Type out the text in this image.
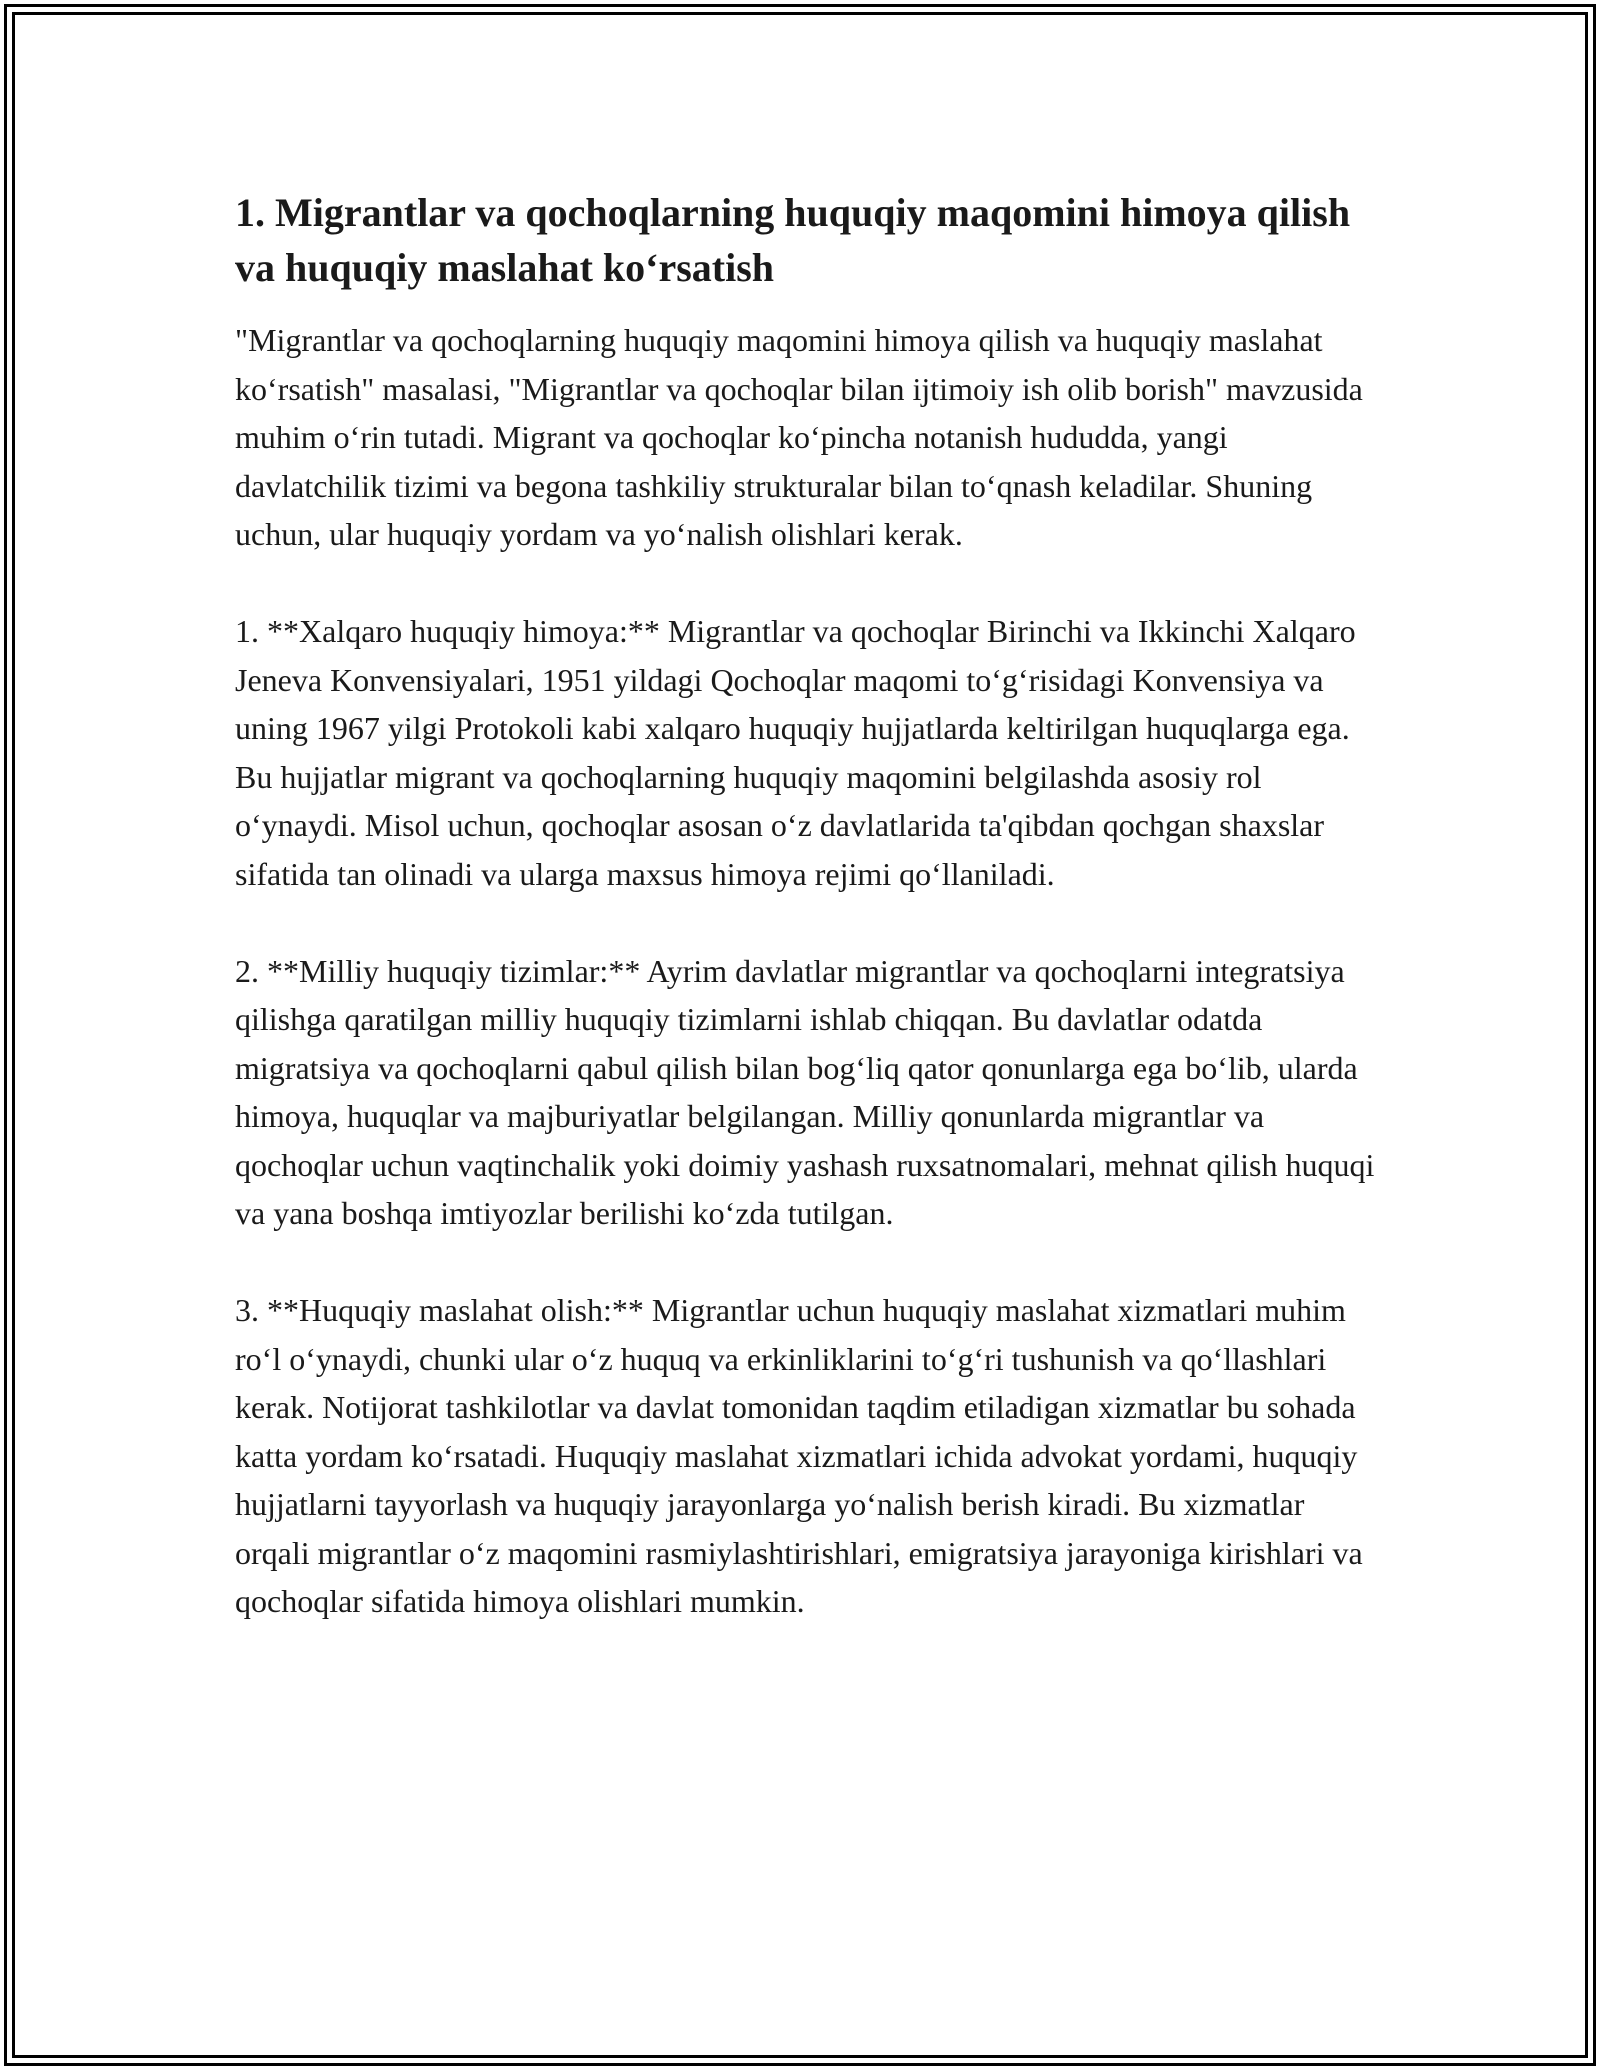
1. Migrantlar va qochoqlarning huquqiy maqomini himoya qilish va huquqiy maslahat ko‘rsatish

"Migrantlar va qochoqlarning huquqiy maqomini himoya qilish va huquqiy maslahat ko‘rsatish" masalasi, "Migrantlar va qochoqlar bilan ijtimoiy ish olib borish" mavzusida muhim o‘rin tutadi. Migrant va qochoqlar ko‘pincha notanish hududda, yangi davlatchilik tizimi va begona tashkiliy strukturalar bilan to‘qnash keladilar. Shuning uchun, ular huquqiy yordam va yo‘nalish olishlari kerak.

1. **Xalqaro huquqiy himoya:** Migrantlar va qochoqlar Birinchi va Ikkinchi Xalqaro Jeneva Konvensiyalari, 1951 yildagi Qochoqlar maqomi to‘g‘risidagi Konvensiya va uning 1967 yilgi Protokoli kabi xalqaro huquqiy hujjatlarda keltirilgan huquqlarga ega. Bu hujjatlar migrant va qochoqlarning huquqiy maqomini belgilashda asosiy rol o‘ynaydi. Misol uchun, qochoqlar asosan o‘z davlatlarida ta'qibdan qochgan shaxslar sifatida tan olinadi va ularga maxsus himoya rejimi qo‘llaniladi.

2. **Milliy huquqiy tizimlar:** Ayrim davlatlar migrantlar va qochoqlarni integratsiya qilishga qaratilgan milliy huquqiy tizimlarni ishlab chiqqan. Bu davlatlar odatda migratsiya va qochoqlarni qabul qilish bilan bog‘liq qator qonunlarga ega bo‘lib, ularda himoya, huquqlar va majburiyatlar belgilangan. Milliy qonunlarda migrantlar va qochoqlar uchun vaqtinchalik yoki doimiy yashash ruxsatnomalari, mehnat qilish huquqi va yana boshqa imtiyozlar berilishi ko‘zda tutilgan.

3. **Huquqiy maslahat olish:** Migrantlar uchun huquqiy maslahat xizmatlari muhim ro‘l o‘ynaydi, chunki ular o‘z huquq va erkinliklarini to‘g‘ri tushunish va qo‘llashlari kerak. Notijorat tashkilotlar va davlat tomonidan taqdim etiladigan xizmatlar bu sohada katta yordam ko‘rsatadi. Huquqiy maslahat xizmatlari ichida advokat yordami, huquqiy hujjatlarni tayyorlash va huquqiy jarayonlarga yo‘nalish berish kiradi. Bu xizmatlar orqali migrantlar o‘z maqomini rasmiylashtirishlari, emigratsiya jarayoniga kirishlari va qochoqlar sifatida himoya olishlari mumkin.
